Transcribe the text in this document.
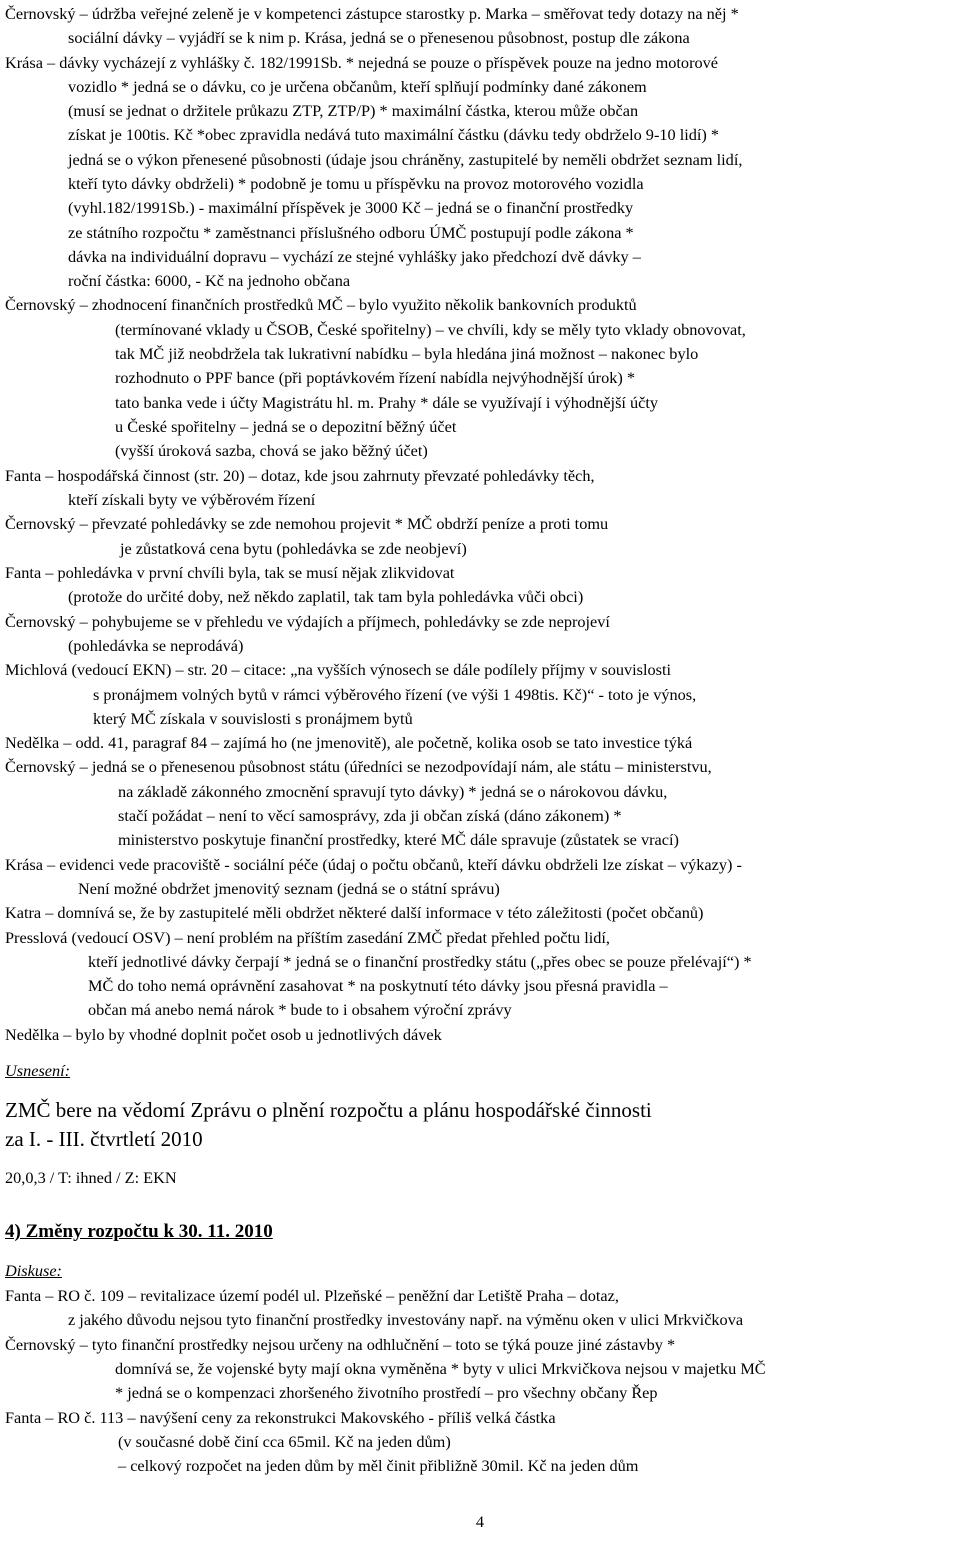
Černovský – údržba veřejné zeleně je v kompetenci zástupce starostky p. Marka – směřovat tedy dotazy na něj *
sociální dávky – vyjádří se k nim p. Krása, jedná se o přenesenou působnost, postup dle zákona
Krása – dávky vycházejí z vyhlášky č. 182/1991Sb. * nejedná se pouze o příspěvek pouze na jedno motorové
vozidlo * jedná se o dávku, co je určena občanům, kteří splňují podmínky dané zákonem
(musí se jednat o držitele průkazu ZTP, ZTP/P) * maximální částka, kterou může občan
získat je 100tis. Kč *obec zpravidla nedává tuto maximální částku (dávku tedy obdrželo 9-10 lidí) *
jedná se o výkon přenesené působnosti (údaje jsou chráněny, zastupitelé by neměli obdržet seznam lidí,
kteří tyto dávky obdrželi) * podobně je tomu u příspěvku na provoz motorového vozidla
(vyhl.182/1991Sb.) - maximální příspěvek je 3000 Kč – jedná se o finanční prostředky
ze státního rozpočtu * zaměstnanci příslušného odboru ÚMČ postupují podle zákona *
dávka na individuální dopravu – vychází ze stejné vyhlášky jako předchozí dvě dávky –
roční částka: 6000, - Kč na jednoho občana
Černovský – zhodnocení finančních prostředků MČ – bylo využito několik bankovních produktů
(termínované vklady u ČSOB, České spořitelny) – ve chvíli, kdy se měly tyto vklady obnovovat,
tak MČ již neobdržela tak lukrativní nabídku – byla hledána jiná možnost – nakonec bylo
rozhodnuto o PPF bance (při poptávkovém řízení nabídla nejvýhodnější úrok) *
tato banka vede i účty Magistrátu hl. m. Prahy * dále se využívají i výhodnější účty
u České spořitelny – jedná se o depozitní běžný účet
(vyšší úroková sazba, chová se jako běžný účet)
Fanta – hospodářská činnost (str. 20) – dotaz, kde jsou zahrnuty převzaté pohledávky těch,
kteří získali byty ve výběrovém řízení
Černovský – převzaté pohledávky se zde nemohou projevit * MČ obdrží peníze a proti tomu
je zůstatková cena bytu (pohledávka se zde neobjeví)
Fanta – pohledávka v první chvíli byla, tak se musí nějak zlikvidovat
(protože do určité doby, než někdo zaplatil, tak tam byla pohledávka vůči obci)
Černovský – pohybujeme se v přehledu ve výdajích a příjmech, pohledávky se zde neprojeví
(pohledávka se neprodává)
Michlová (vedoucí EKN) – str. 20 – citace: „na vyšších výnosech se dále podílely příjmy v souvislosti
s pronájmem volných bytů v rámci výběrového řízení (ve výši 1 498tis. Kč)“ - toto je výnos,
který MČ získala v souvislosti s pronájmem bytů
Nedělka – odd. 41, paragraf 84 – zajímá ho (ne jmenovitě), ale početně, kolika osob se tato investice týká
Černovský – jedná se o přenesenou působnost státu (úředníci se nezodpovídají nám, ale státu – ministerstvu,
na základě zákonného zmocnění spravují tyto dávky) * jedná se o nárokovou dávku,
stačí požádat – není to věcí samosprávy, zda ji občan získá (dáno zákonem) *
ministerstvo poskytuje finanční prostředky, které MČ dále spravuje (zůstatek se vrací)
Krása – evidenci vede pracoviště - sociální péče (údaj o počtu občanů, kteří dávku obdrželi lze získat – výkazy) -
Není možné obdržet jmenovitý seznam (jedná se o státní správu)
Katra – domnívá se, že by zastupitelé měli obdržet některé další informace v této záležitosti (počet občanů)
Presslová (vedoucí OSV) – není problém na příštím zasedání ZMČ předat přehled počtu lidí,
kteří jednotlivé dávky čerpají * jedná se o finanční prostředky státu („přes obec se pouze přelévají“) *
MČ do toho nemá oprávnění zasahovat * na poskytnutí této dávky jsou přesná pravidla –
občan má anebo nemá nárok * bude to i obsahem výroční zprávy
Nedělka – bylo by vhodné doplnit počet osob u jednotlivých dávek
Usnesení:
ZMČ bere na vědomí Zprávu o plnění rozpočtu a plánu hospodářské činnosti
za I. - III. čtvrtletí 2010
20,0,3 / T: ihned / Z: EKN
4) Změny rozpočtu k 30. 11. 2010
Diskuse:
Fanta – RO č. 109 – revitalizace území podél ul. Plzeňské – peněžní dar Letiště Praha – dotaz,
z jakého důvodu nejsou tyto finanční prostředky investovány např. na výměnu oken v ulici Mrkvičkova
Černovský – tyto finanční prostředky nejsou určeny na odhlučnění – toto se týká pouze jiné zástavby *
domnívá se, že vojenské byty mají okna vyměněna * byty v ulici Mrkvičkova nejsou v majetku MČ
* jedná se o kompenzaci zhoršeného životního prostředí – pro všechny občany Řep
Fanta – RO č. 113 – navýšení ceny za rekonstrukci Makovského - příliš velká částka
(v současné době činí cca 65mil. Kč na jeden dům)
– celkový rozpočet na jeden dům by měl činit přibližně 30mil. Kč na jeden dům
4
